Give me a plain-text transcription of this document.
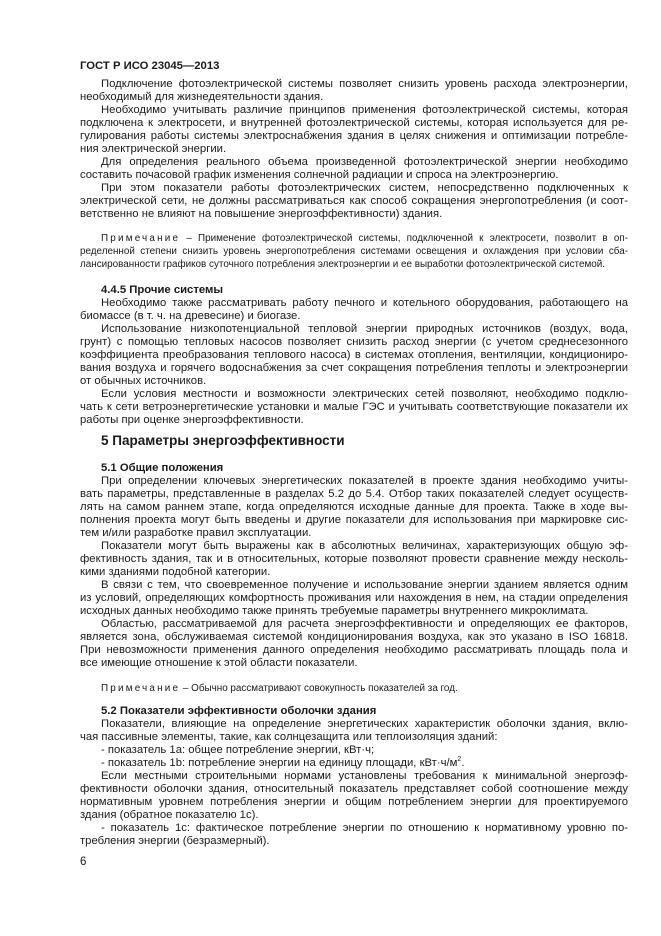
ГОСТ Р ИСО 23045—2013
Подключение фотоэлектрической системы позволяет снизить уровень расхода электроэнергии,
необходимый для жизнедеятельности здания.
Необходимо учитывать различие принципов применения фотоэлектрической системы, которая
подключена к электросети, и внутренней фотоэлектрической системы, которая используется для ре-
гулирования работы системы электроснабжения здания в целях снижения и оптимизации потребле-
ния электрической энергии.
Для определения реального объема произведенной фотоэлектрической энергии необходимо
составить почасовой график изменения солнечной радиации и спроса на электроэнергию.
При этом показатели работы фотоэлектрических систем, непосредственно подключенных к
электрической сети, не должны рассматриваться как способ сокращения энергопотребления (и соот-
ветственно не влияют на повышение энергоэффективности) здания.
Примечание – Применение фотоэлектрической системы, подключенной к электросети, позволит в оп-
ределенной степени снизить уровень энергопотребления системами освещения и охлаждения при условии сба-
лансированности графиков суточного потребления электроэнергии и ее выработки фотоэлектрической системой.
4.4.5 Прочие системы
Необходимо также рассматривать работу печного и котельного оборудования, работающего на
биомассе (в т. ч. на древесине) и биогазе.
Использование низкопотенциальной тепловой энергии природных источников (воздух, вода,
грунт) с помощью тепловых насосов позволяет снизить расход энергии (с учетом среднесезонного
коэффициента преобразования теплового насоса) в системах отопления, вентиляции, кондициониро-
вания воздуха и горячего водоснабжения за счет сокращения потребления теплоты и электроэнергии
от обычных источников.
Если условия местности и возможности электрических сетей позволяют, необходимо подклю-
чать к сети ветроэнергетические установки и малые ГЭС и учитывать соответствующие показатели их
работы при оценке энергоэффективности.
5 Параметры энергоэффективности
5.1 Общие положения
При определении ключевых энергетических показателей в проекте здания необходимо учиты-
вать параметры, представленные в разделах 5.2 до 5.4. Отбор таких показателей следует осуществ-
лять на самом раннем этапе, когда определяются исходные данные для проекта. Также в ходе вы-
полнения проекта могут быть введены и другие показатели для использования при маркировке сис-
тем и/или разработке правил эксплуатации.
Показатели могут быть выражены как в абсолютных величинах, характеризующих общую эф-
фективность здания, так и в относительных, которые позволяют провести сравнение между несколь-
кими зданиями подобной категории.
В связи с тем, что своевременное получение и использование энергии зданием является одним
из условий, определяющих комфортность проживания или нахождения в нем, на стадии определения
исходных данных необходимо также принять требуемые параметры внутреннего микроклимата.
Областью, рассматриваемой для расчета энергоэффективности и определяющих ее факторов,
является зона, обслуживаемая системой кондиционирования воздуха, как это указано в ISO 16818.
При невозможности применения данного определения необходимо рассматривать площадь пола и
все имеющие отношение к этой области показатели.
Примечание – Обычно рассматривают совокупность показателей за год.
5.2 Показатели эффективности оболочки здания
Показатели, влияющие на определение энергетических характеристик оболочки здания, вклю-
чая пассивные элементы, такие, как солнцезащита или теплоизоляция зданий:
- показатель 1а: общее потребление энергии, кВт·ч;
- показатель 1b: потребление энергии на единицу площади, $кВт\cdot ч/м^2$.
Если местными строительными нормами установлены требования к минимальной энергоэф-
фективности оболочки здания, относительный показатель представляет собой соотношение между
нормативным уровнем потребления энергии и общим потреблением энергии для проектируемого
здания (обратное показателю 1с).
- показатель 1с: фактическое потребление энергии по отношению к нормативному уровню по-
требления энергии (безразмерный).
6
